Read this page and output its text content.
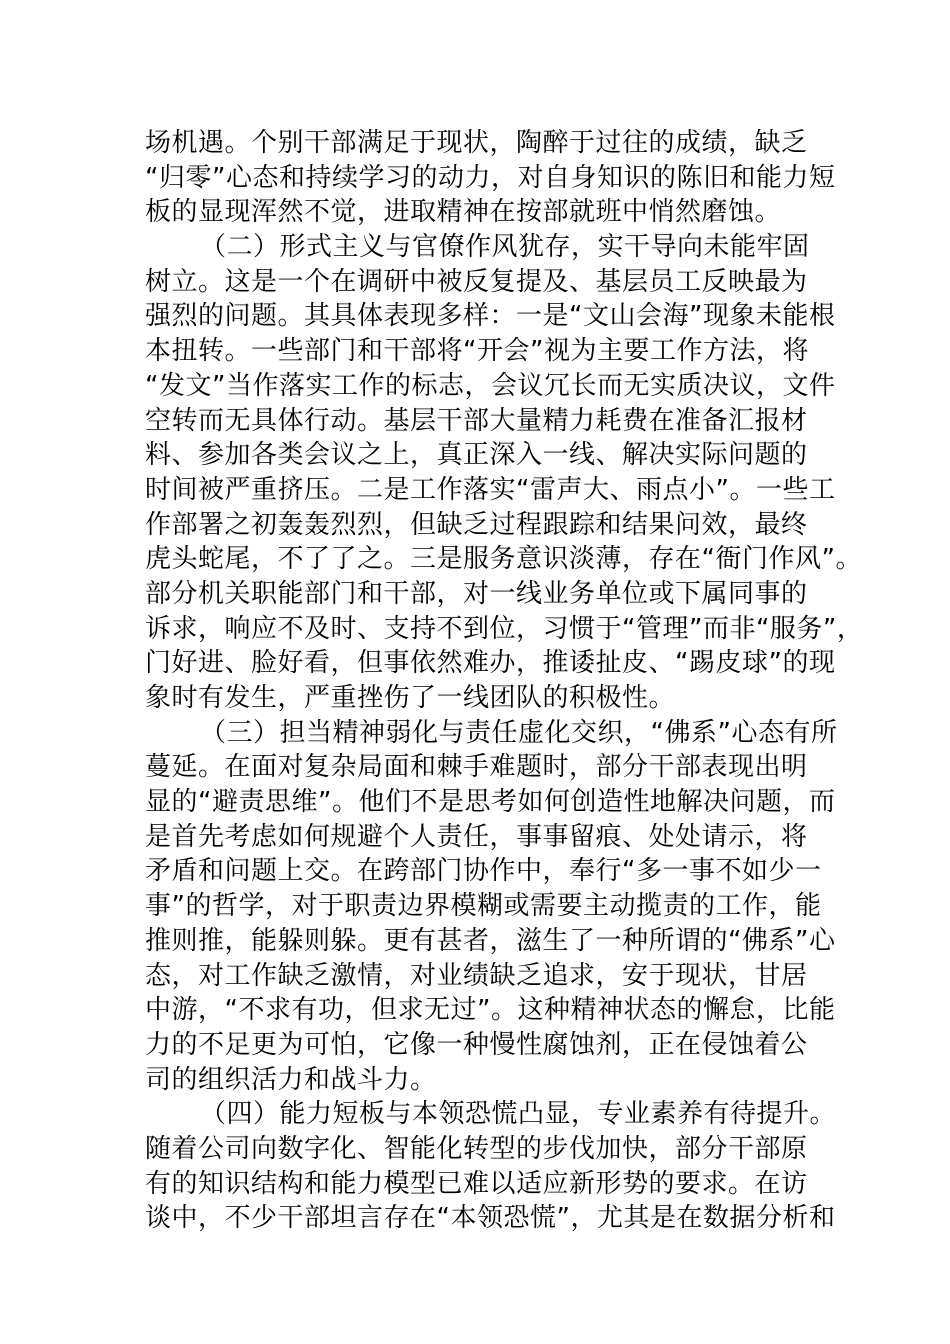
场机遇。个别干部满足于现状，陶醉于过往的成绩，缺乏
“归零”心态和持续学习的动力，对自身知识的陈旧和能力短
板的显现浑然不觉，进取精神在按部就班中悄然磨蚀。
（二）形式主义与官僚作风犹存，实干导向未能牢固
树立。这是一个在调研中被反复提及、基层员工反映最为
强烈的问题。其具体表现多样：一是“文山会海”现象未能根
本扭转。一些部门和干部将“开会”视为主要工作方法，将
“发文”当作落实工作的标志，会议冗长而无实质决议，文件
空转而无具体行动。基层干部大量精力耗费在准备汇报材
料、参加各类会议之上，真正深入一线、解决实际问题的
时间被严重挤压。二是工作落实“雷声大、雨点小”。一些工
作部署之初轰轰烈烈，但缺乏过程跟踪和结果问效，最终
虎头蛇尾，不了了之。三是服务意识淡薄，存在“衙门作风”。
部分机关职能部门和干部，对一线业务单位或下属同事的
诉求，响应不及时、支持不到位，习惯于“管理”而非“服务”，
门好进、脸好看，但事依然难办，推诿扯皮、“踢皮球”的现
象时有发生，严重挫伤了一线团队的积极性。
（三）担当精神弱化与责任虚化交织，“佛系”心态有所
蔓延。在面对复杂局面和棘手难题时，部分干部表现出明
显的“避责思维”。他们不是思考如何创造性地解决问题，而
是首先考虑如何规避个人责任，事事留痕、处处请示，将
矛盾和问题上交。在跨部门协作中，奉行“多一事不如少一
事”的哲学，对于职责边界模糊或需要主动揽责的工作，能
推则推，能躲则躲。更有甚者，滋生了一种所谓的“佛系”心
态，对工作缺乏激情，对业绩缺乏追求，安于现状，甘居
中游，“不求有功，但求无过”。这种精神状态的懈怠，比能
力的不足更为可怕，它像一种慢性腐蚀剂，正在侵蚀着公
司的组织活力和战斗力。
（四）能力短板与本领恐慌凸显，专业素养有待提升。
随着公司向数字化、智能化转型的步伐加快，部分干部原
有的知识结构和能力模型已难以适应新形势的要求。在访
谈中，不少干部坦言存在“本领恐慌”，尤其是在数据分析和
